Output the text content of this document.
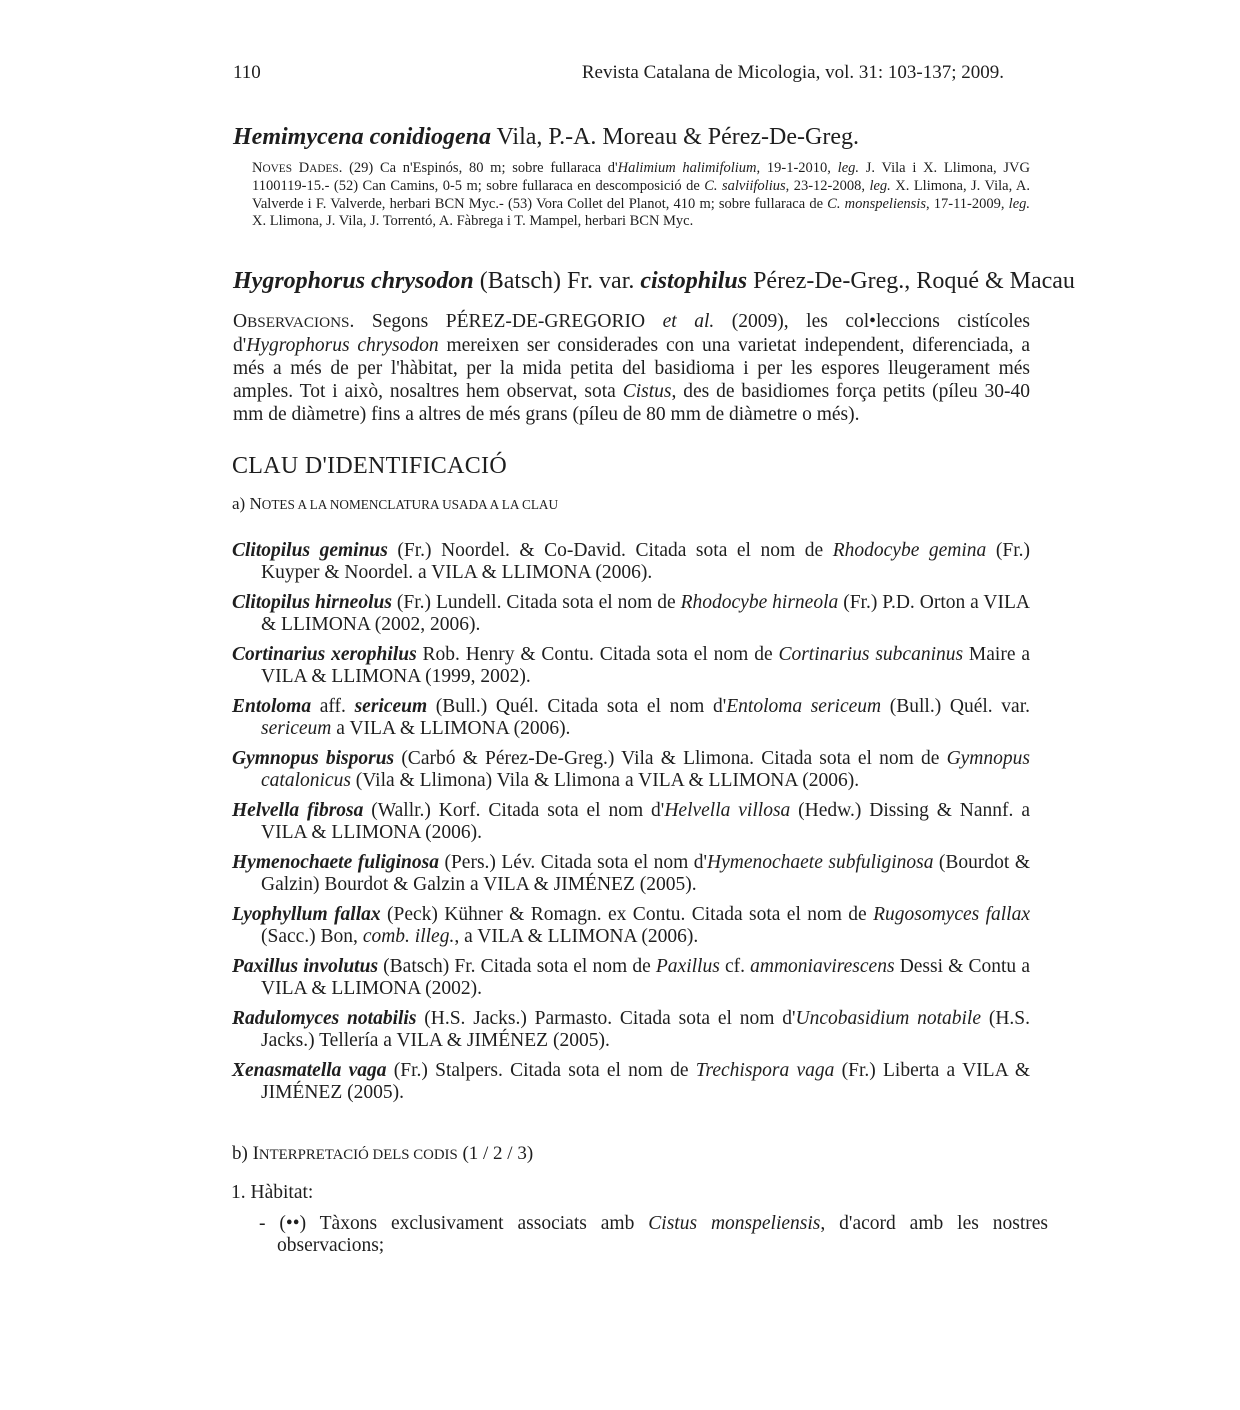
110	Revista Catalana de Micologia, vol. 31: 103-137; 2009.
Hemimycena conidiogena Vila, P.-A. Moreau & Pérez-De-Greg.
NOVES DADES. (29) Ca n'Espinós, 80 m; sobre fullaraca d'Halimium halimifolium, 19-1-2010, leg. J. Vila i X. Llimona, JVG 1100119-15.- (52) Can Camins, 0-5 m; sobre fullaraca en descomposició de C. salviifolius, 23-12-2008, leg. X. Llimona, J. Vila, A. Valverde i F. Valverde, herbari BCN Myc.- (53) Vora Collet del Planot, 410 m; sobre fullaraca de C. monspeliensis, 17-11-2009, leg. X. Llimona, J. Vila, J. Torrentó, A. Fàbrega i T. Mampel, herbari BCN Myc.
Hygrophorus chrysodon (Batsch) Fr. var. cistophilus Pérez-De-Greg., Roqué & Macau
OBSERVACIONS. Segons PÉREZ-DE-GREGORIO et al. (2009), les col•leccions cistícoles d'Hygrophorus chrysodon mereixen ser considerades con una varietat independent, diferenciada, a més a més de per l'hàbitat, per la mida petita del basidioma i per les espores lleugerament més amples. Tot i això, nosaltres hem observat, sota Cistus, des de basidiomes força petits (píleu 30-40 mm de diàmetre) fins a altres de més grans (píleu de 80 mm de diàmetre o més).
CLAU D'IDENTIFICACIÓ
a) NOTES A LA NOMENCLATURA USADA A LA CLAU
Clitopilus geminus (Fr.) Noordel. & Co-David. Citada sota el nom de Rhodocybe gemina (Fr.) Kuyper & Noordel. a VILA & LLIMONA (2006).
Clitopilus hirneolus (Fr.) Lundell. Citada sota el nom de Rhodocybe hirneola (Fr.) P.D. Orton a VILA & LLIMONA (2002, 2006).
Cortinarius xerophilus Rob. Henry & Contu. Citada sota el nom de Cortinarius subcaninus Maire a VILA & LLIMONA (1999, 2002).
Entoloma aff. sericeum (Bull.) Quél. Citada sota el nom d'Entoloma sericeum (Bull.) Quél. var. sericeum a VILA & LLIMONA (2006).
Gymnopus bisporus (Carbó & Pérez-De-Greg.) Vila & Llimona. Citada sota el nom de Gymnopus catalonicus (Vila & Llimona) Vila & Llimona a VILA & LLIMONA (2006).
Helvella fibrosa (Wallr.) Korf. Citada sota el nom d'Helvella villosa (Hedw.) Dissing & Nannf. a VILA & LLIMONA (2006).
Hymenochaete fuliginosa (Pers.) Lév. Citada sota el nom d'Hymenochaete subfuliginosa (Bourdot & Galzin) Bourdot & Galzin a VILA & JIMÉNEZ (2005).
Lyophyllum fallax (Peck) Kühner & Romagn. ex Contu. Citada sota el nom de Rugosomyces fallax (Sacc.) Bon, comb. illeg., a VILA & LLIMONA (2006).
Paxillus involutus (Batsch) Fr. Citada sota el nom de Paxillus cf. ammoniavirescens Dessi & Contu a VILA & LLIMONA (2002).
Radulomyces notabilis (H.S. Jacks.) Parmasto. Citada sota el nom d'Uncobasidium notabile (H.S. Jacks.) Tellería a VILA & JIMÉNEZ (2005).
Xenasmatella vaga (Fr.) Stalpers. Citada sota el nom de Trechispora vaga (Fr.) Liberta a VILA & JIMÉNEZ (2005).
b) INTERPRETACIÓ DELS CODIS (1 / 2 / 3)
1. Hàbitat:
- (••) Tàxons exclusivament associats amb Cistus monspeliensis, d'acord amb les nostres observacions;
